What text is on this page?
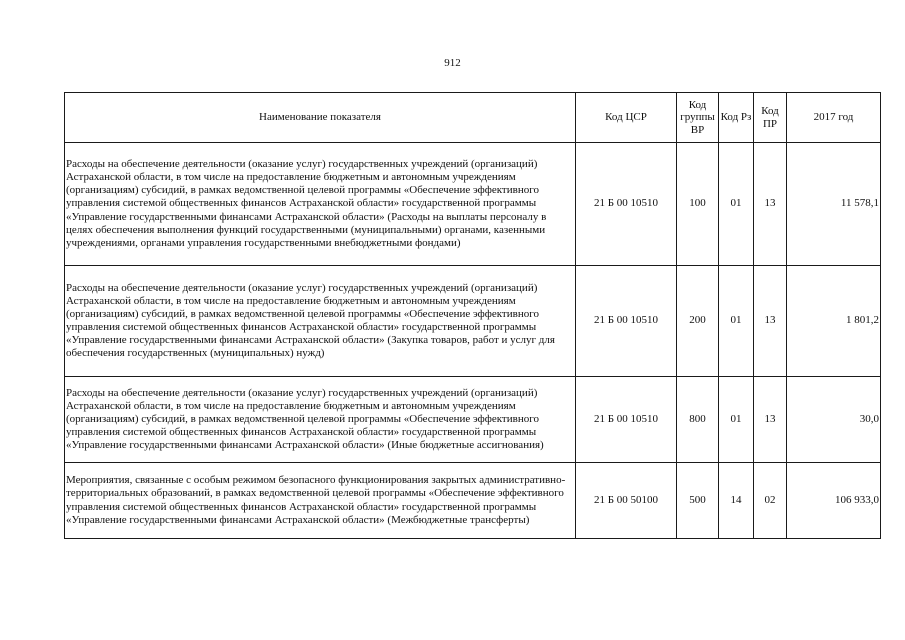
912
Наименование показателя	Код ЦСР	Код группы ВР	Код Рз	Код ПР	2017 год
Расходы на обеспечение деятельности (оказание услуг) государственных учреждений (организаций) Астраханской области, в том числе на предоставление бюджетным и автономным учреждениям (организациям) субсидий, в рамках ведомственной целевой программы «Обеспечение эффективного управления системой общественных финансов Астраханской области» государственной программы «Управление государственными финансами Астраханской области» (Расходы на выплаты персоналу в целях обеспечения выполнения функций государственными (муниципальными) органами, казенными учреждениями, органами управления государственными внебюджетными фондами)	21 Б 00 10510	100	01	13	11 578,1
Расходы на обеспечение деятельности (оказание услуг) государственных учреждений (организаций) Астраханской области, в том числе на предоставление бюджетным и автономным учреждениям (организациям) субсидий, в рамках ведомственной целевой программы «Обеспечение эффективного управления системой общественных финансов Астраханской области» государственной программы «Управление государственными финансами Астраханской области» (Закупка товаров, работ и услуг для обеспечения государственных (муниципальных) нужд)	21 Б 00 10510	200	01	13	1 801,2
Расходы на обеспечение деятельности (оказание услуг) государственных учреждений (организаций) Астраханской области, в том числе на предоставление бюджетным и автономным учреждениям (организациям) субсидий, в рамках ведомственной целевой программы «Обеспечение эффективного управления системой общественных финансов Астраханской области» государственной программы «Управление государственными финансами Астраханской области» (Иные бюджетные ассигнования)	21 Б 00 10510	800	01	13	30,0
Мероприятия, связанные с особым режимом безопасного функционирования закрытых административно-территориальных образований, в рамках ведомственной целевой программы «Обеспечение эффективного управления системой общественных финансов Астраханской области» государственной программы «Управление государственными финансами Астраханской области» (Межбюджетные трансферты)	21 Б 00 50100	500	14	02	106 933,0
